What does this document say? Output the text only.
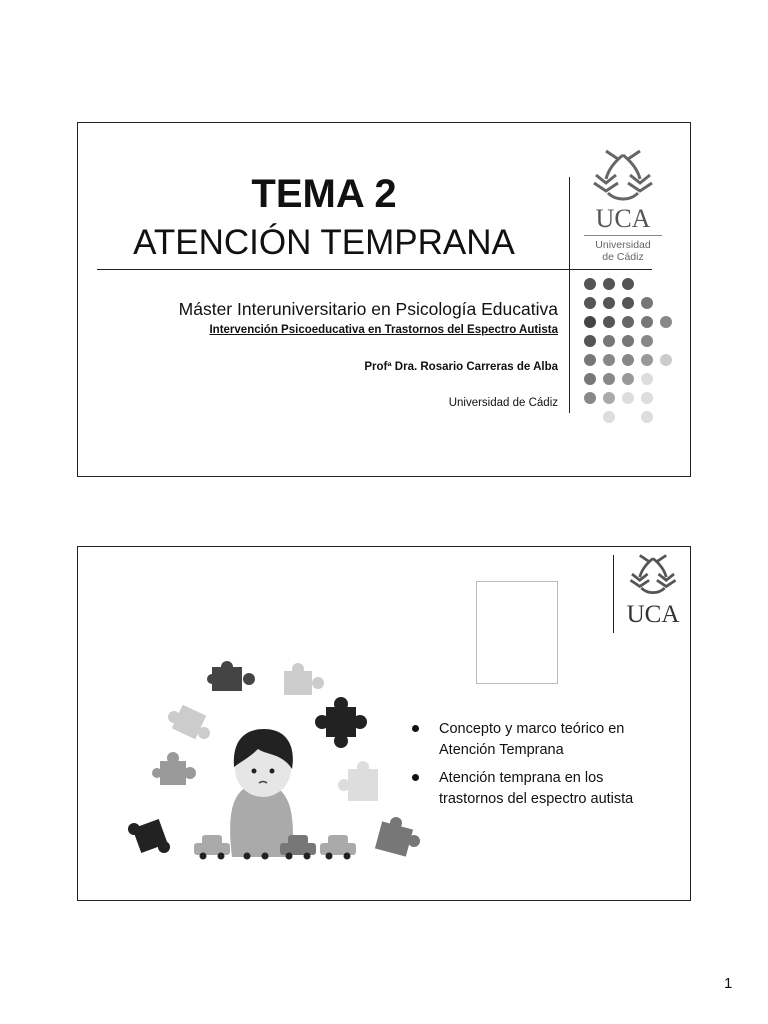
TEMA 2
ATENCIÓN TEMPRANA
UCA
Universidad
de Cádiz
Máster Interuniversitario en Psicología Educativa
Intervención Psicoeducativa en Trastornos del Espectro Autista
Profª Dra. Rosario Carreras de Alba
Universidad de Cádiz
UCA
Concepto y marco teórico en Atención Temprana
Atención temprana en los trastornos del espectro autista
1
